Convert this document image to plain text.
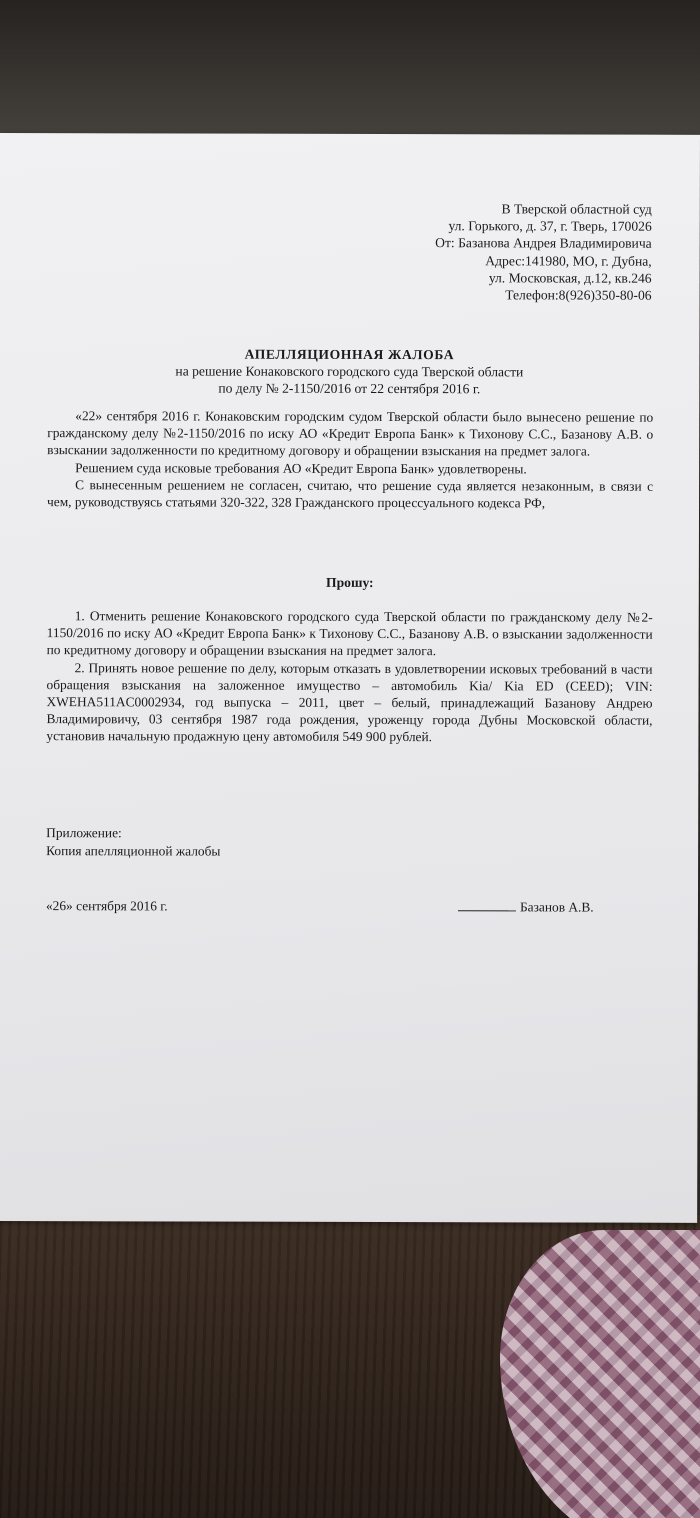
В Тверской областной суд
ул. Горького, д. 37, г. Тверь, 170026
От: Базанова Андрея Владимировича
Адрес:141980, МО, г. Дубна,
ул. Московская, д.12, кв.246
Телефон:8(926)350-80-06
АПЕЛЛЯЦИОННАЯ ЖАЛОБА
на решение Конаковского городского суда Тверской области
по делу № 2-1150/2016 от 22 сентября 2016 г.

«22» сентября 2016 г. Конаковским городским судом Тверской области было вынесено решение по гражданскому делу №2-1150/2016 по иску АО «Кредит Европа Банк» к Тихонову С.С., Базанову А.В. о взыскании задолженности по кредитному договору и обращении взыскания на предмет залога.

Решением суда исковые требования АО «Кредит Европа Банк» удовлетворены.

С вынесенным решением не согласен, считаю, что решение суда является незаконным, в связи с чем, руководствуясь статьями 320-322, 328 Гражданского процессуального кодекса РФ,

Прошу:

1. Отменить решение Конаковского городского суда Тверской области по гражданскому делу №2-1150/2016 по иску АО «Кредит Европа Банк» к Тихонову С.С., Базанову А.В. о взыскании задолженности по кредитному договору и обращении взыскания на предмет залога.

2. Принять новое решение по делу, которым отказать в удовлетворении исковых требований в части обращения взыскания на заложенное имущество – автомобиль Kia/ Kia ED (CEED); VIN: XWEHA511AC0002934, год выпуска – 2011, цвет – белый, принадлежащий Базанову Андрею Владимировичу, 03 сентября 1987 года рождения, уроженцу города Дубны Московской области, установив начальную продажную цену автомобиля 549 900 рублей.

Приложение:
Копия апелляционной жалобы
«26» сентября 2016 г.	Базанов А.В.
